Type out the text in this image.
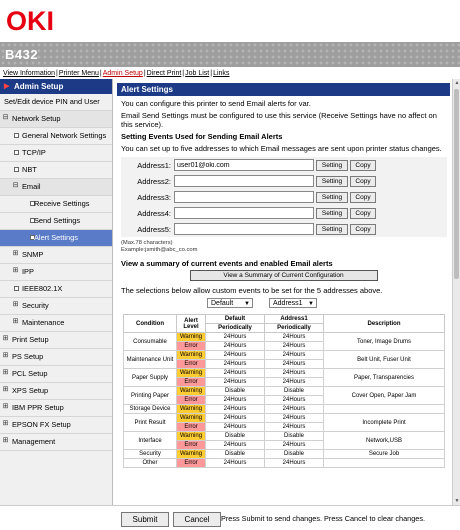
OKI
B432
View Information|Printer Menu|Admin Setup|Direct Print|Job List|Links
▶ Admin Setup
Set/Edit device PIN and User
⊟ Network Setup
General Network Settings
TCP/IP
NBT
⊟ Email
Receive Settings
Send Settings
Alert Settings
⊞ SNMP
⊞ IPP
IEEE802.1X
⊞ Security
⊞ Maintenance
⊞ Print Setup
⊞ PS Setup
⊞ PCL Setup
⊞ XPS Setup
⊞ IBM PPR Setup
⊞ EPSON FX Setup
⊞ Management
▲
▼
Alert Settings
You can configure this printer to send Email alerts for var.
Email Send Settings must be configured to use this service (Receive Settings have no affect on this service).
Setting Events Used for Sending Email Alerts
You can set up to five addresses to which Email messages are sent upon printer status changes.
Address1:	user01@oki.com	Setting Copy
Address2:		Setting Copy
Address3:		Setting Copy
Address4:		Setting Copy
Address5:		Setting Copy
(Max.78 characters)
Example:jsmith@abc_co.com
View a summary of current events and enabled Email alerts
View a Summary of Current Configuration
The selections below allow custom events to be set for the 5 addresses above.
Default ▼	Address1 ▼
Condition	Alert Level	Default	Address1	Description
		Periodically	Periodically	
Consumable	Warning	24Hours	24Hours	Toner, Image Drums
	Error	24Hours	24Hours	
Maintenance Unit	Warning	24Hours	24Hours	Belt Unit, Fuser Unit
	Error	24Hours	24Hours	
Paper Supply	Warning	24Hours	24Hours	Paper, Transparencies
	Error	24Hours	24Hours	
Printing Paper	Warning	Disable	Disable	Cover Open, Paper Jam
	Error	24Hours	24Hours	
Storage Device	Warning	24Hours	24Hours	
Print Result	Warning	24Hours	24Hours	Incomplete Print
	Error	24Hours	24Hours	
Interface	Warning	Disable	Disable	Network,USB
	Error	24Hours	24Hours	
Security	Warning	Disable	Disable	Secure Job
Other	Error	24Hours	24Hours	
Submit	Cancel	Press Submit to send changes. Press Cancel to clear changes.
